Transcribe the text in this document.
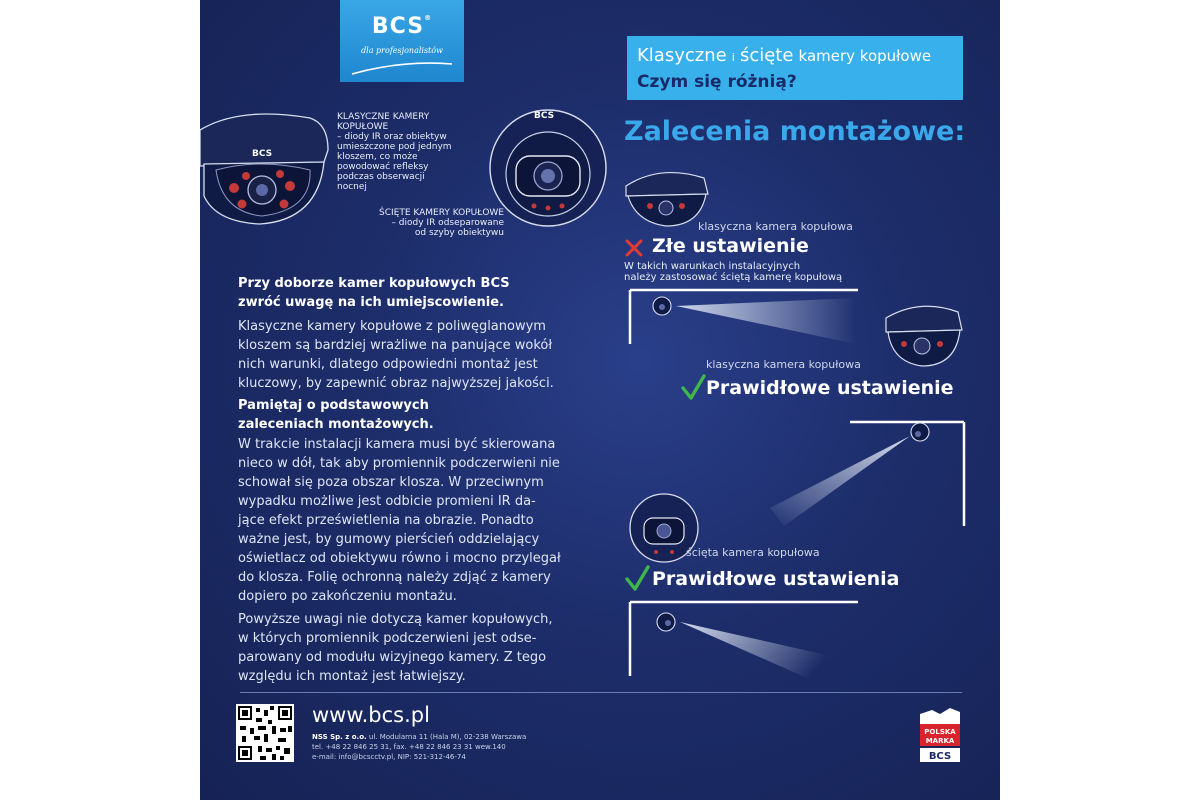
BCS®
dla profesjonalistów	Klasyczne i ścięte kamery kopułowe
Czym się różnią?
BCS
BCS
KLASYCZNE KAMERY
KOPUŁOWE
– diody IR oraz obiektyw
umieszczone pod jednym
kloszem, co może
powodować refleksy
podczas obserwacji
nocnej
ŚCIĘTE KAMERY KOPUŁOWE
– diody IR odseparowane
od szyby obiektywu
Przy doborze kamer kopułowych BCS
zwróć uwagę na ich umiejscowienie.
Klasyczne kamery kopułowe z poliwęglanowym
kloszem są bardziej wrażliwe na panujące wokół
nich warunki, dlatego odpowiedni montaż jest
kluczowy, by zapewnić obraz najwyższej jakości.
Pamiętaj o podstawowych
zaleceniach montażowych.
W trakcie instalacji kamera musi być skierowana
nieco w dół, tak aby promiennik podczerwieni nie
schował się poza obszar klosza. W przeciwnym
wypadku możliwe jest odbicie promieni IR da-
jące efekt prześwietlenia na obrazie. Ponadto
ważne jest, by gumowy pierścień oddzielający
oświetlacz od obiektywu równo i mocno przylegał
do klosza. Folię ochronną należy zdjąć z kamery
dopiero po zakończeniu montażu.
Powyższe uwagi nie dotyczą kamer kopułowych,
w których promiennik podczerwieni jest odse-
parowany od modułu wizyjnego kamery. Z tego
względu ich montaż jest łatwiejszy.
Zalecenia montażowe:
klasyczna kamera kopułowa
Złe ustawienie
W takich warunkach instalacyjnych
należy zastosować ściętą kamerę kopułową
klasyczna kamera kopułowa
Prawidłowe ustawienie
ścięta kamera kopułowa
Prawidłowe ustawienia
www.bcs.pl
NSS Sp. z o.o. ul. Modularna 11 (Hala M), 02-238 Warszawa
tel. +48 22 846 25 31, fax. +48 22 846 23 31 wew.140
e-mail: info@bcscctv.pl, NIP: 521-312-46-74
POLSKA
MARKA
BCS
